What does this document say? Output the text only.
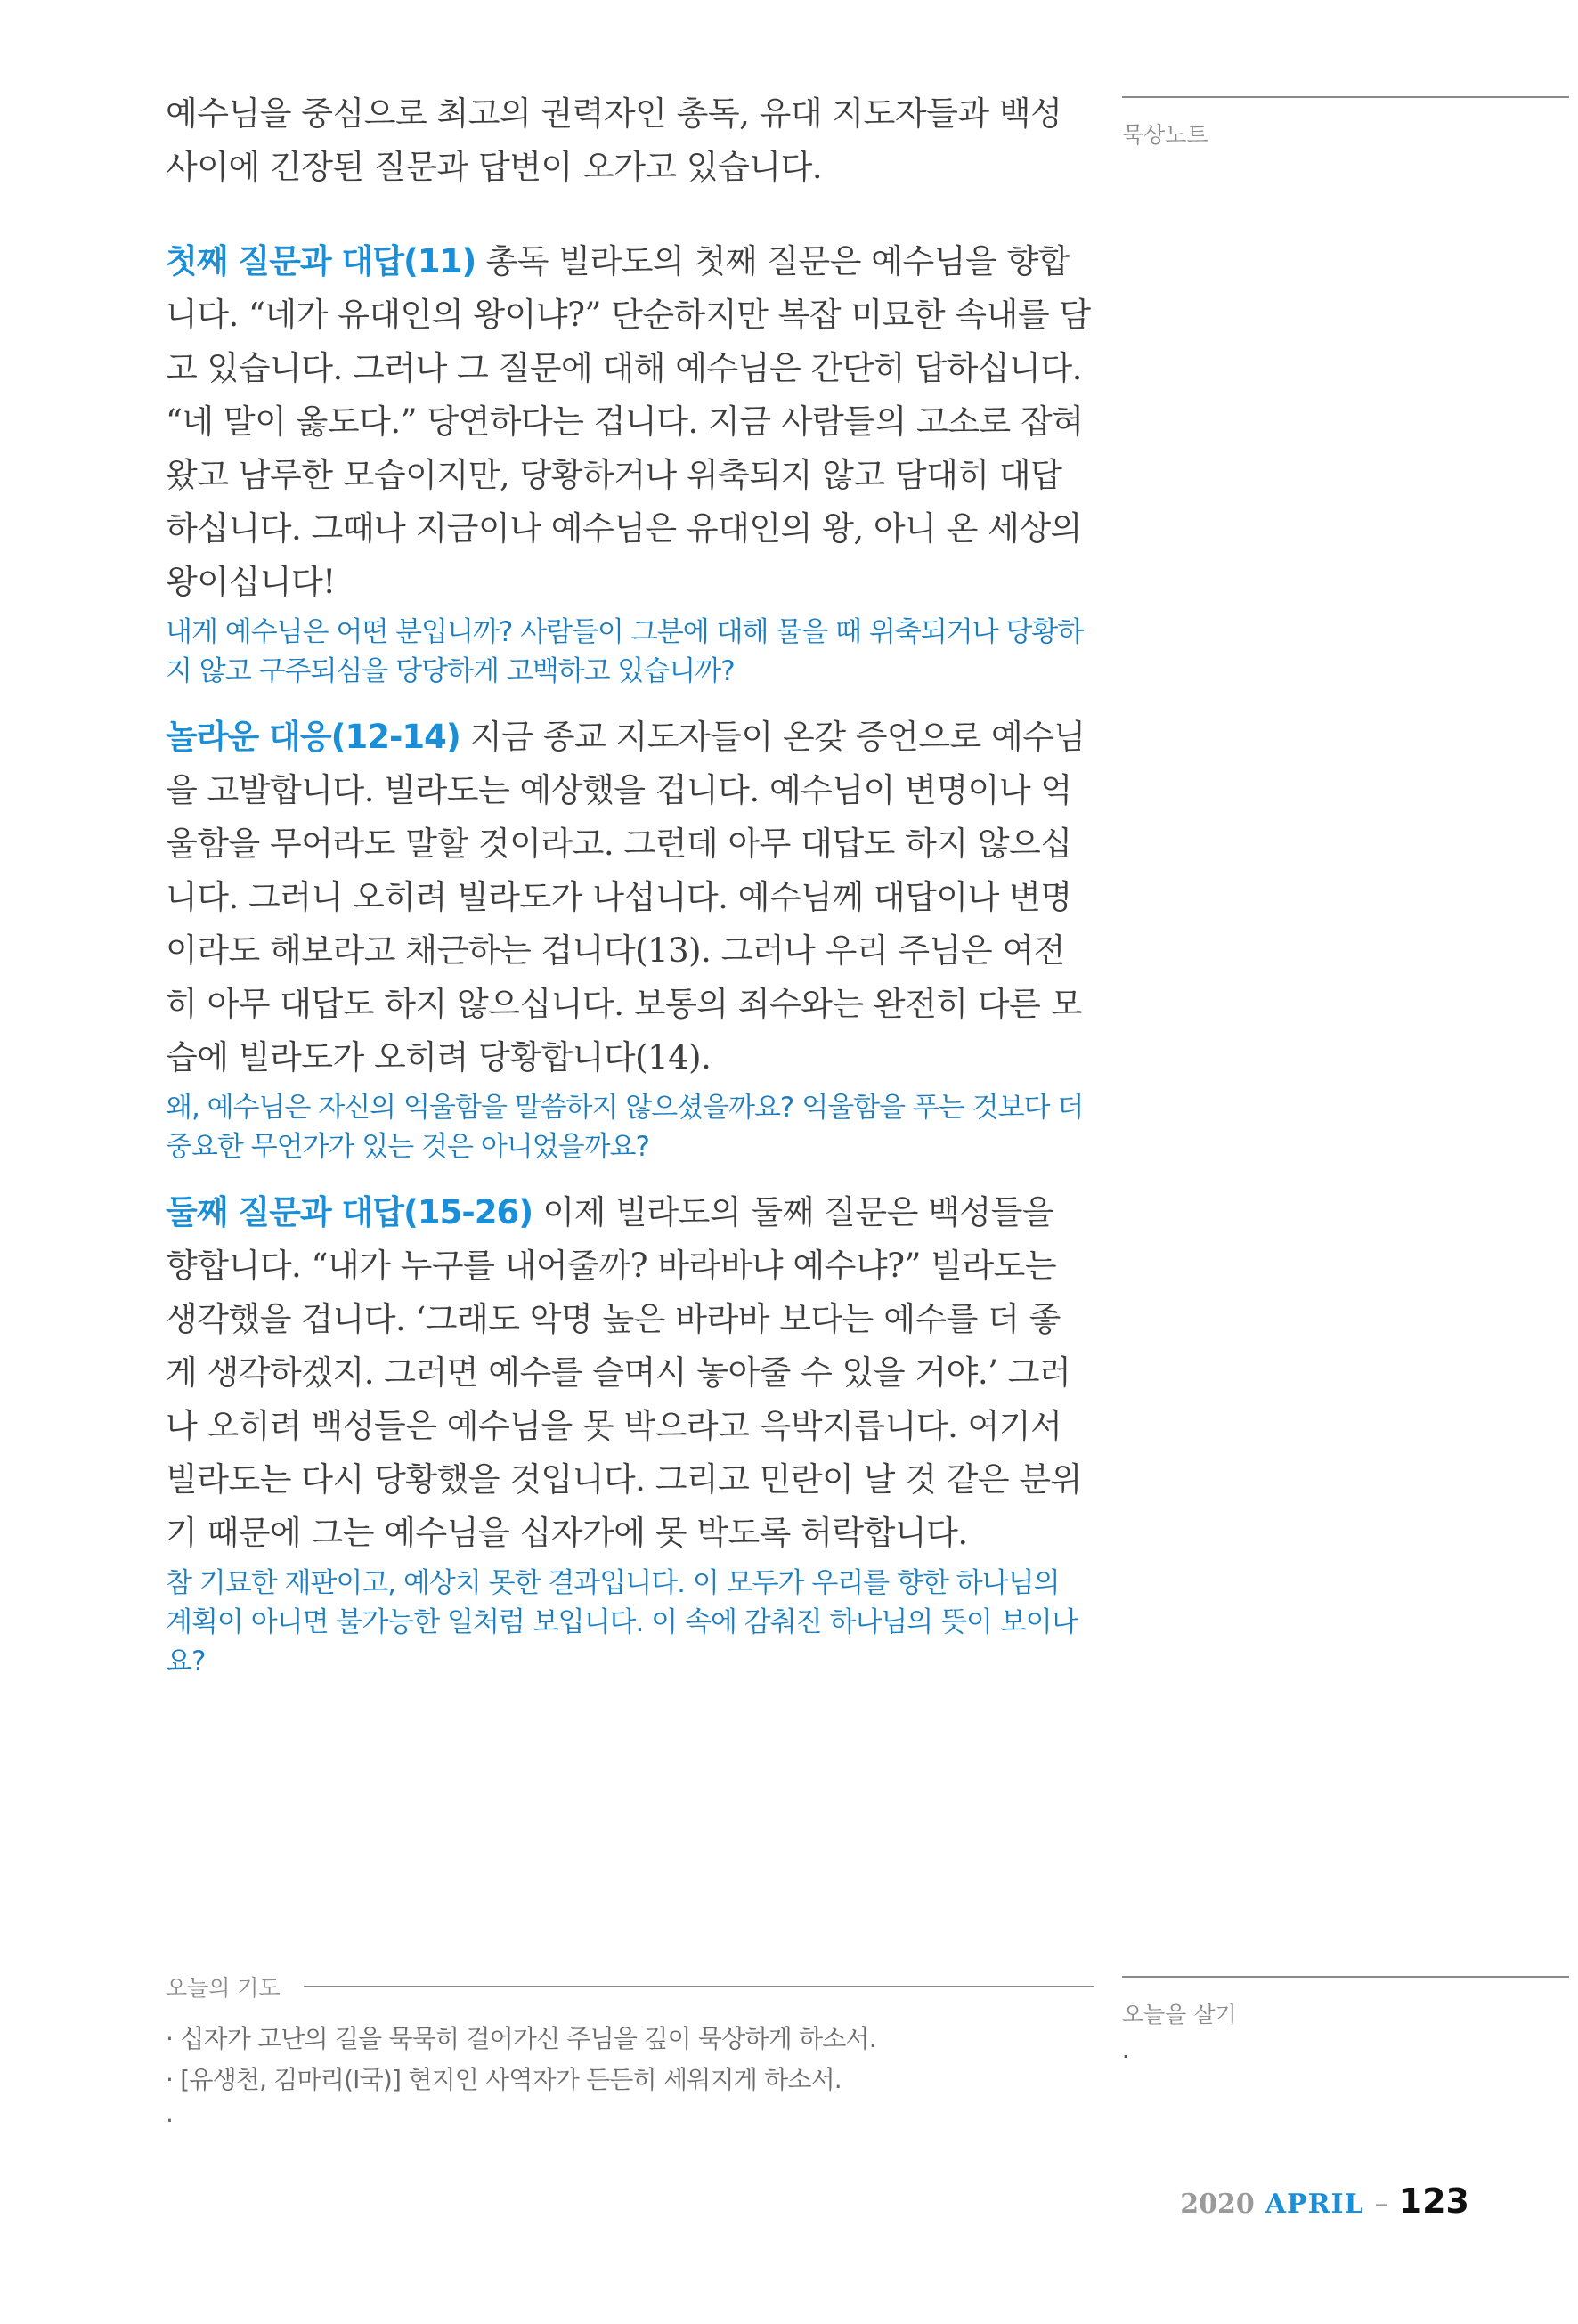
예수님을 중심으로 최고의 권력자인 총독, 유대 지도자들과 백성 사이에 긴장된 질문과 답변이 오가고 있습니다.
첫째 질문과 대답(11) 총독 빌라도의 첫째 질문은 예수님을 향합니다. “네가 유대인의 왕이냐?” 단순하지만 복잡 미묘한 속내를 담고 있습니다. 그러나 그 질문에 대해 예수님은 간단히 답하십니다. “네 말이 옳도다.” 당연하다는 겁니다. 지금 사람들의 고소로 잡혀 왔고 남루한 모습이지만, 당황하거나 위축되지 않고 담대히 대답하십니다. 그때나 지금이나 예수님은 유대인의 왕, 아니 온 세상의 왕이십니다!
내게 예수님은 어떤 분입니까? 사람들이 그분에 대해 물을 때 위축되거나 당황하지 않고 구주되심을 당당하게 고백하고 있습니까?
놀라운 대응(12-14) 지금 종교 지도자들이 온갖 증언으로 예수님을 고발합니다. 빌라도는 예상했을 겁니다. 예수님이 변명이나 억울함을 무어라도 말할 것이라고. 그런데 아무 대답도 하지 않으십니다. 그러니 오히려 빌라도가 나섭니다. 예수님께 대답이나 변명이라도 해보라고 채근하는 겁니다(13). 그러나 우리 주님은 여전히 아무 대답도 하지 않으십니다. 보통의 죄수와는 완전히 다른 모습에 빌라도가 오히려 당황합니다(14).
왜, 예수님은 자신의 억울함을 말씀하지 않으셨을까요? 억울함을 푸는 것보다 더 중요한 무언가가 있는 것은 아니었을까요?
둘째 질문과 대답(15-26) 이제 빌라도의 둘째 질문은 백성들을 향합니다. “내가 누구를 내어줄까? 바라바냐 예수냐?” 빌라도는 생각했을 겁니다. ‘그래도 악명 높은 바라바 보다는 예수를 더 좋게 생각하겠지. 그러면 예수를 슬며시 놓아줄 수 있을 거야.’ 그러나 오히려 백성들은 예수님을 못 박으라고 윽박지릅니다. 여기서 빌라도는 다시 당황했을 것입니다. 그리고 민란이 날 것 같은 분위기 때문에 그는 예수님을 십자가에 못 박도록 허락합니다.
참 기묘한 재판이고, 예상치 못한 결과입니다. 이 모두가 우리를 향한 하나님의 계획이 아니면 불가능한 일처럼 보입니다. 이 속에 감춰진 하나님의 뜻이 보이나요?
묵상노트
오늘을 살기
·
오늘의 기도
· 십자가 고난의 길을 묵묵히 걸어가신 주님을 깊이 묵상하게 하소서.
· [유생천, 김마리(I국)] 현지인 사역자가 든든히 세워지게 하소서.
·
2020 APRIL – 123
